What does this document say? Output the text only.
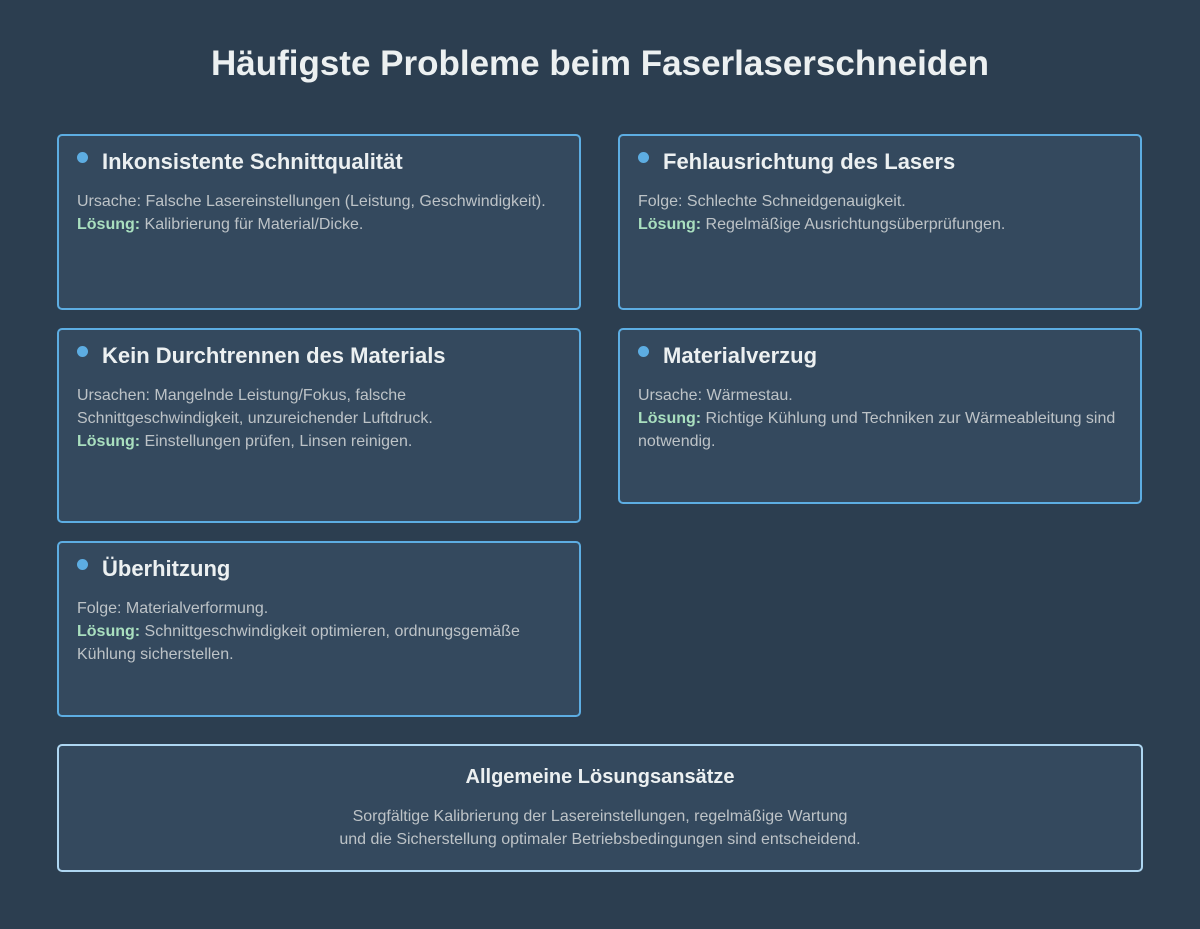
Häufigste Probleme beim Faserlaserschneiden
Inkonsistente Schnittqualität
Ursache: Falsche Lasereinstellungen (Leistung, Geschwindigkeit).
Lösung: Kalibrierung für Material/Dicke.
Fehlausrichtung des Lasers
Folge: Schlechte Schneidgenauigkeit.
Lösung: Regelmäßige Ausrichtungsüberprüfungen.
Kein Durchtrennen des Materials
Ursachen: Mangelnde Leistung/Fokus, falsche Schnittgeschwindigkeit, unzureichender Luftdruck.
Lösung: Einstellungen prüfen, Linsen reinigen.
Materialverzug
Ursache: Wärmestau.
Lösung: Richtige Kühlung und Techniken zur Wärmeableitung sind notwendig.
Überhitzung
Folge: Materialverformung.
Lösung: Schnittgeschwindigkeit optimieren, ordnungsgemäße Kühlung sicherstellen.
Allgemeine Lösungsansätze

Sorgfältige Kalibrierung der Lasereinstellungen, regelmäßige Wartung
und die Sicherstellung optimaler Betriebsbedingungen sind entscheidend.
